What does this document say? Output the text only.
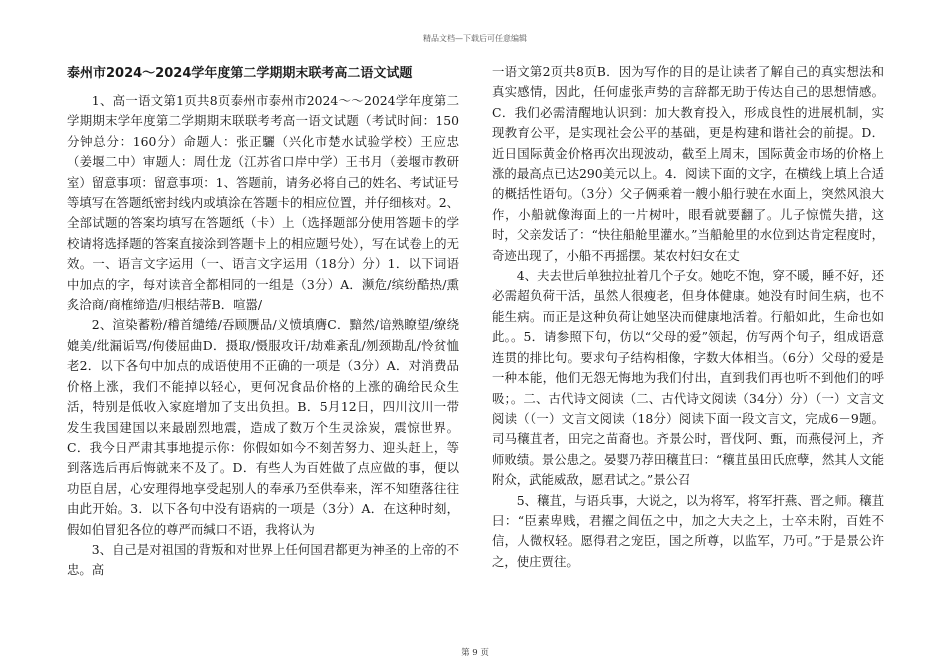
精品文档—下载后可任意编辑
泰州市2024～2024学年度第二学期期末联考高二语文试题

1、高一语文第1页共8页泰州市泰州市2024～～2024学年度第二学期期末学年度第二学期期末联联考考高一语文试题（考试时间：150分钟总分：160分）命题人：张正驪（兴化市楚水试验学校）王应忠（姜堰二中）审题人：周仕龙（江苏省口岸中学）王书月（姜堰市教研室）留意事项：留意事项：1、答题前，请务必将自己的姓名、考试证号等填写在答题纸密封线内或填涂在答题卡的相应位置，并仔细核对。2、全部试题的答案均填写在答题纸（卡）上（选择题部分使用答题卡的学校请将选择题的答案直接涂到答题卡上的相应题号处），写在试卷上的无效。一、语言文字运用（一、语言文字运用（18分）分）1．以下词语中加点的字，每对读音全都相同的一组是（3分）A．濒危/缤纷酷热/熏炙洽商/商榷缔造/归根结蒂B．喧嚣/

2、渲染蓄粉/稽首缱绻/吞顾赝品/义愤填膺C．黯然/谙熟瞭望/缭绕媲美/纰漏诟骂/佝偻屈曲D．摄取/慑服攻讦/劫难紊乱/刎颈勘乱/怜贫恤老2．以下各句中加点的成语使用不正确的一项是（3分）A．对消费品价格上涨，我们不能掉以轻心，更何况食品价格的上涨的确给民众生活，特别是低收入家庭增加了支出负担。B．5月12日，四川汶川一带发生我国建国以来最剧烈地震，造成了数万个生灵涂炭，震惊世界。C．我今日严肃其事地提示你：你假如如今不刻苦努力、迎头赶上，等到落选后再后悔就来不及了。D．有些人为百姓做了点应做的事，便以功臣自居，心安理得地享受起别人的奉承乃至供奉来，浑不知堕落往往由此开始。3．以下各句中没有语病的一项是（3分）A．在这种时刻，假如伯冒犯各位的尊严而缄口不语，我将认为

3、自己是对祖国的背叛和对世界上任何国君都更为神圣的上帝的不忠。高

一语文第2页共8页B．因为写作的目的是让读者了解自己的真实想法和真实感情，因此，任何虚张声势的言辞都无助于传达自己的思想情感。C．我们必需清醒地认识到：加大教育投入，形成良性的进展机制，实现教育公平，是实现社会公平的基础，更是构建和谐社会的前提。D．近日国际黄金价格再次出现波动，截至上周末，国际黄金市场的价格上涨的最高点已达290美元以上。4．阅读下面的文字，在横线上填上合适的概括性语句。（3分）父子俩乘着一艘小船行驶在水面上，突然风浪大作，小船就像海面上的一片树叶，眼看就要翻了。儿子惊慌失措，这时，父亲发话了：“快往船舱里灌水。”当船舱里的水位到达肯定程度时，奇迹出现了，小船不再摇摆。某农村妇女在丈

4、夫去世后单独拉扯着几个子女。她吃不饱，穿不暖，睡不好，还必需超负荷干活，虽然人很瘦老，但身体健康。她没有时间生病，也不能生病。而正是这种负荷让她坚决而健康地活着。行船如此，生命也如此。。5．请参照下句，仿以“父母的爱”领起，仿写两个句子，组成语意连贯的排比句。要求句子结构相像，字数大体相当。（6分）父母的爱是一种本能，他们无怨无悔地为我们付出，直到我们再也听不到他们的呼吸；。二、古代诗文阅读（二、古代诗文阅读（34分）分）（一）文言文阅读（（一）文言文阅读（18分）阅读下面一段文言文，完成6－9题。司马穰苴者，田完之苗裔也。齐景公时，晋伐阿、甄，而燕侵河上，齐师败绩。景公患之。晏婴乃荐田穰苴曰：“穰苴虽田氏庶孽，然其人文能附众，武能威敌，愿君试之。”景公召

5、穰苴，与语兵事，大说之，以为将军，将军扞燕、晋之师。穰苴曰：“臣素卑贱，君擢之闾伍之中，加之大夫之上，士卒未附，百姓不信，人微权轻。愿得君之宠臣，国之所尊，以监军，乃可。”于是景公许之，使庄贾往。

第 9 页
